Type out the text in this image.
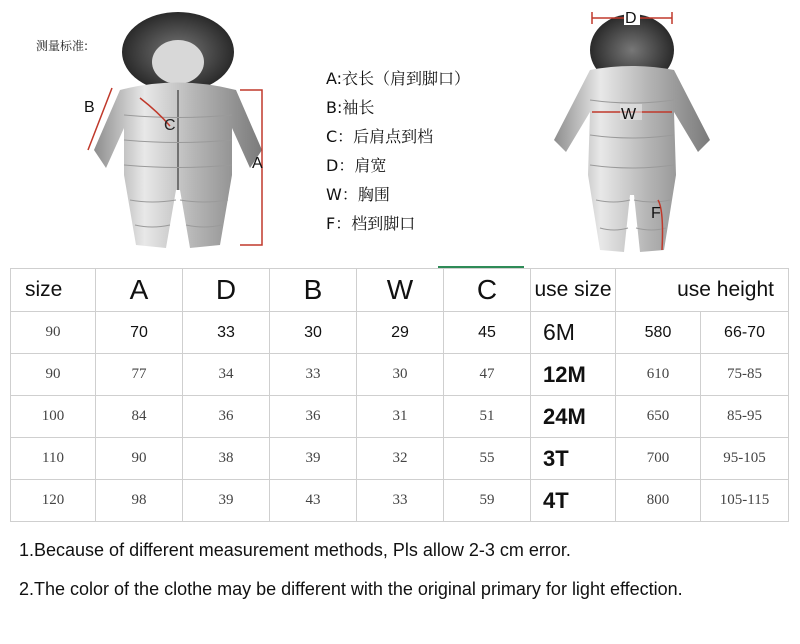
测量标准:
B
A
C
D
W
F
A:衣长（肩到脚口）
B:袖长
C：后肩点到档
D：肩宽
W：胸围
F：档到脚口
size	A	D	B	W	C	use size	use height	
90	70	33	30	29	45	6M	580	66-70
90	77	34	33	30	47	12M	610	75-85
100	84	36	36	31	51	24M	650	85-95
110	90	38	39	32	55	3T	700	95-105
120	98	39	43	33	59	4T	800	105-115
1.Because of different measurement methods, Pls allow 2-3 cm error.
2.The color of the clothe may be different with the original primary for light effection.
